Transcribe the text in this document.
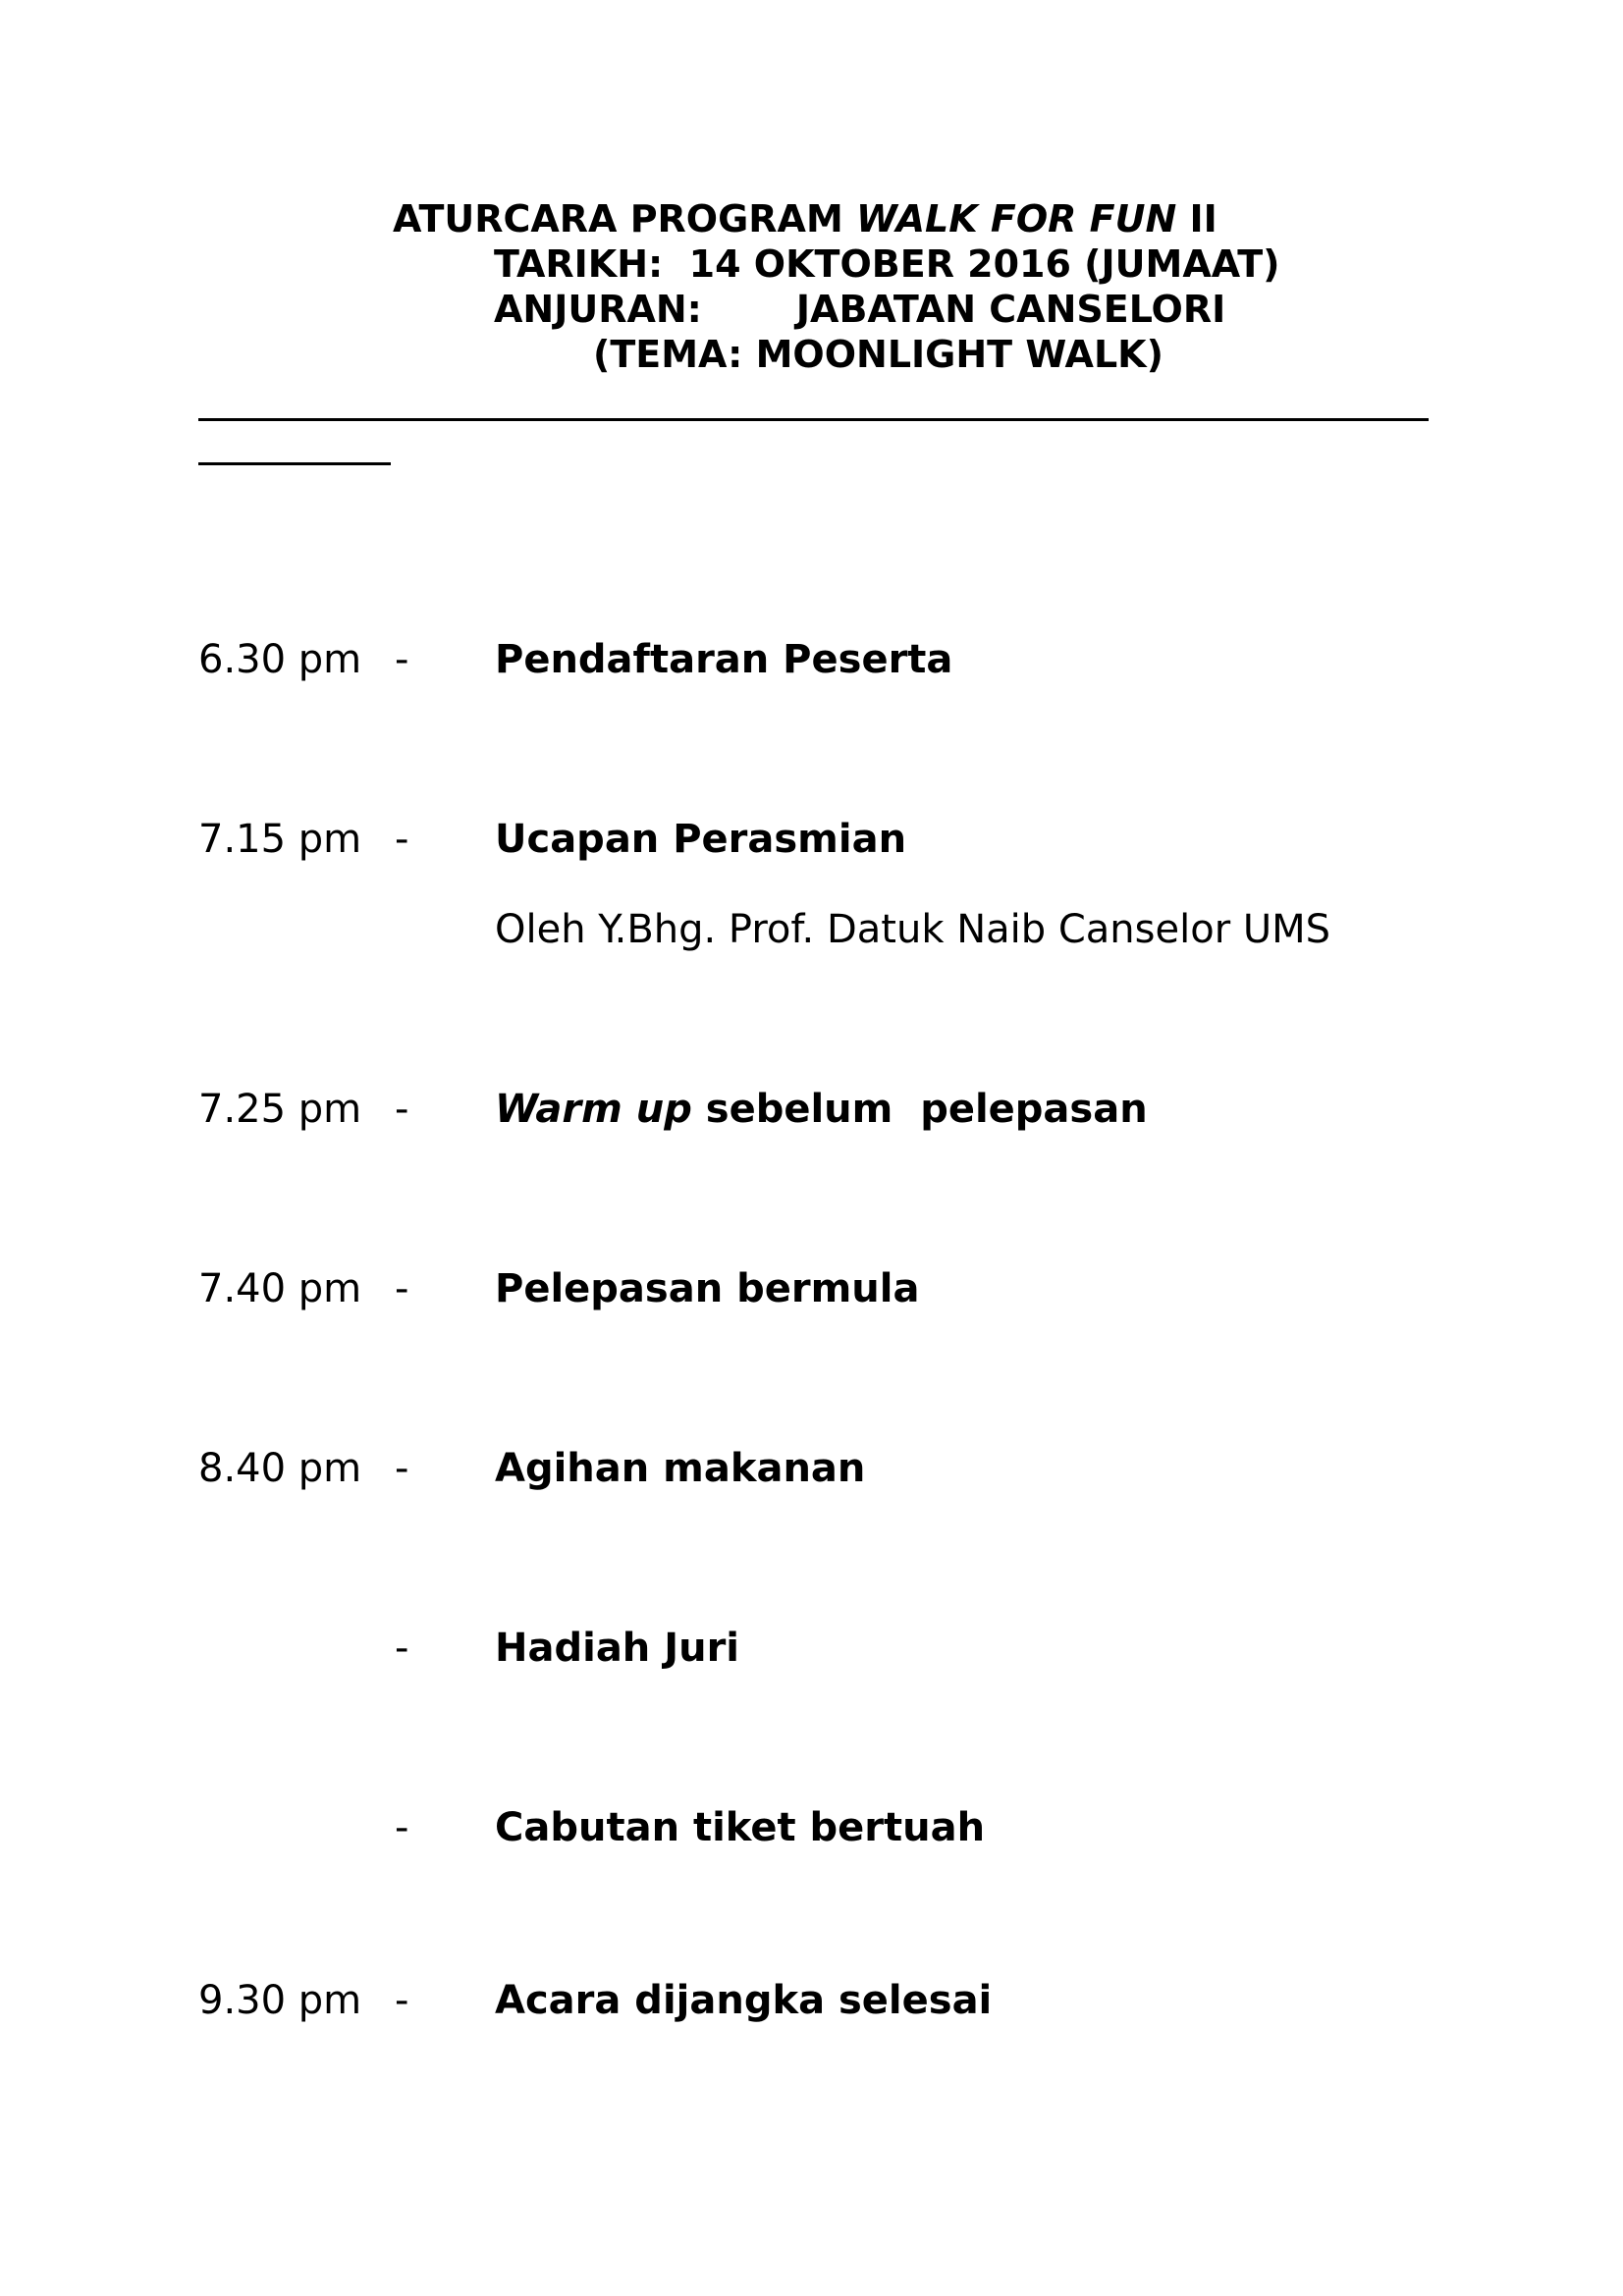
ATURCARA PROGRAM WALK FOR FUN II
TARIKH:  14 OKTOBER 2016 (JUMAAT)
ANJURAN:	JABATAN CANSELORI
(TEMA: MOONLIGHT WALK)
6.30 pm - Pendaftaran Peserta
7.15 pm - Ucapan Perasmian
Oleh Y.Bhg. Prof. Datuk Naib Canselor UMS
7.25 pm - Warm up sebelum  pelepasan
7.40 pm - Pelepasan bermula
8.40 pm - Agihan makanan
- Hadiah Juri
- Cabutan tiket bertuah
9.30 pm - Acara dijangka selesai
